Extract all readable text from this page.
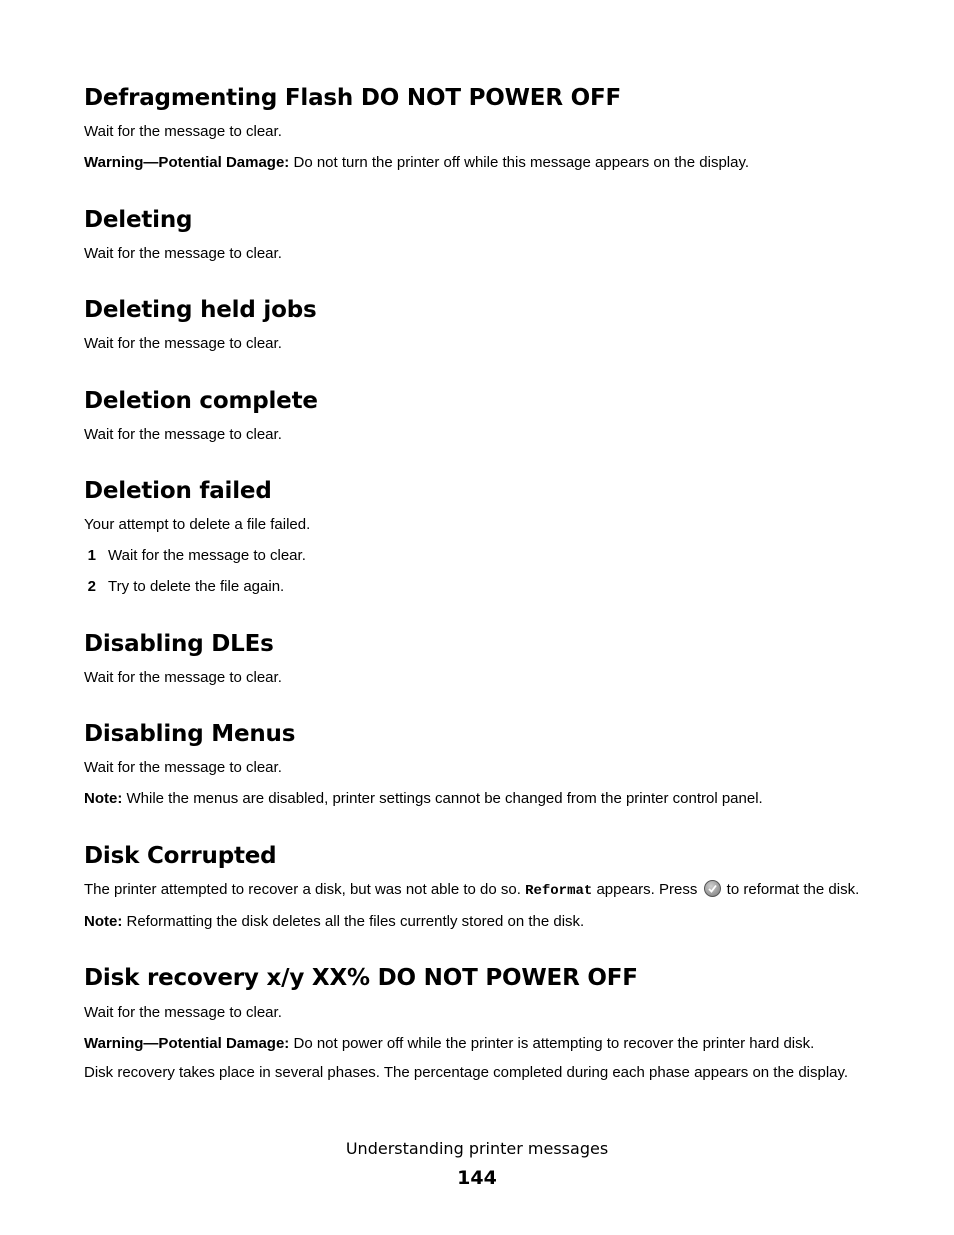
Defragmenting Flash DO NOT POWER OFF

Wait for the message to clear.

Warning—Potential Damage: Do not turn the printer off while this message appears on the display.

Deleting

Wait for the message to clear.

Deleting held jobs

Wait for the message to clear.

Deletion complete

Wait for the message to clear.

Deletion failed

Your attempt to delete a file failed.

1 Wait for the message to clear.

2 Try to delete the file again.

Disabling DLEs

Wait for the message to clear.

Disabling Menus

Wait for the message to clear.

Note: While the menus are disabled, printer settings cannot be changed from the printer control panel.

Disk Corrupted

The printer attempted to recover a disk, but was not able to do so. Reformat appears. Press
to reformat the disk.

Note: Reformatting the disk deletes all the files currently stored on the disk.

Disk recovery x/y XX% DO NOT POWER OFF

Wait for the message to clear.

Warning—Potential Damage: Do not power off while the printer is attempting to recover the printer hard disk.

Disk recovery takes place in several phases. The percentage completed during each phase appears on the display.

Understanding printer messages
144
